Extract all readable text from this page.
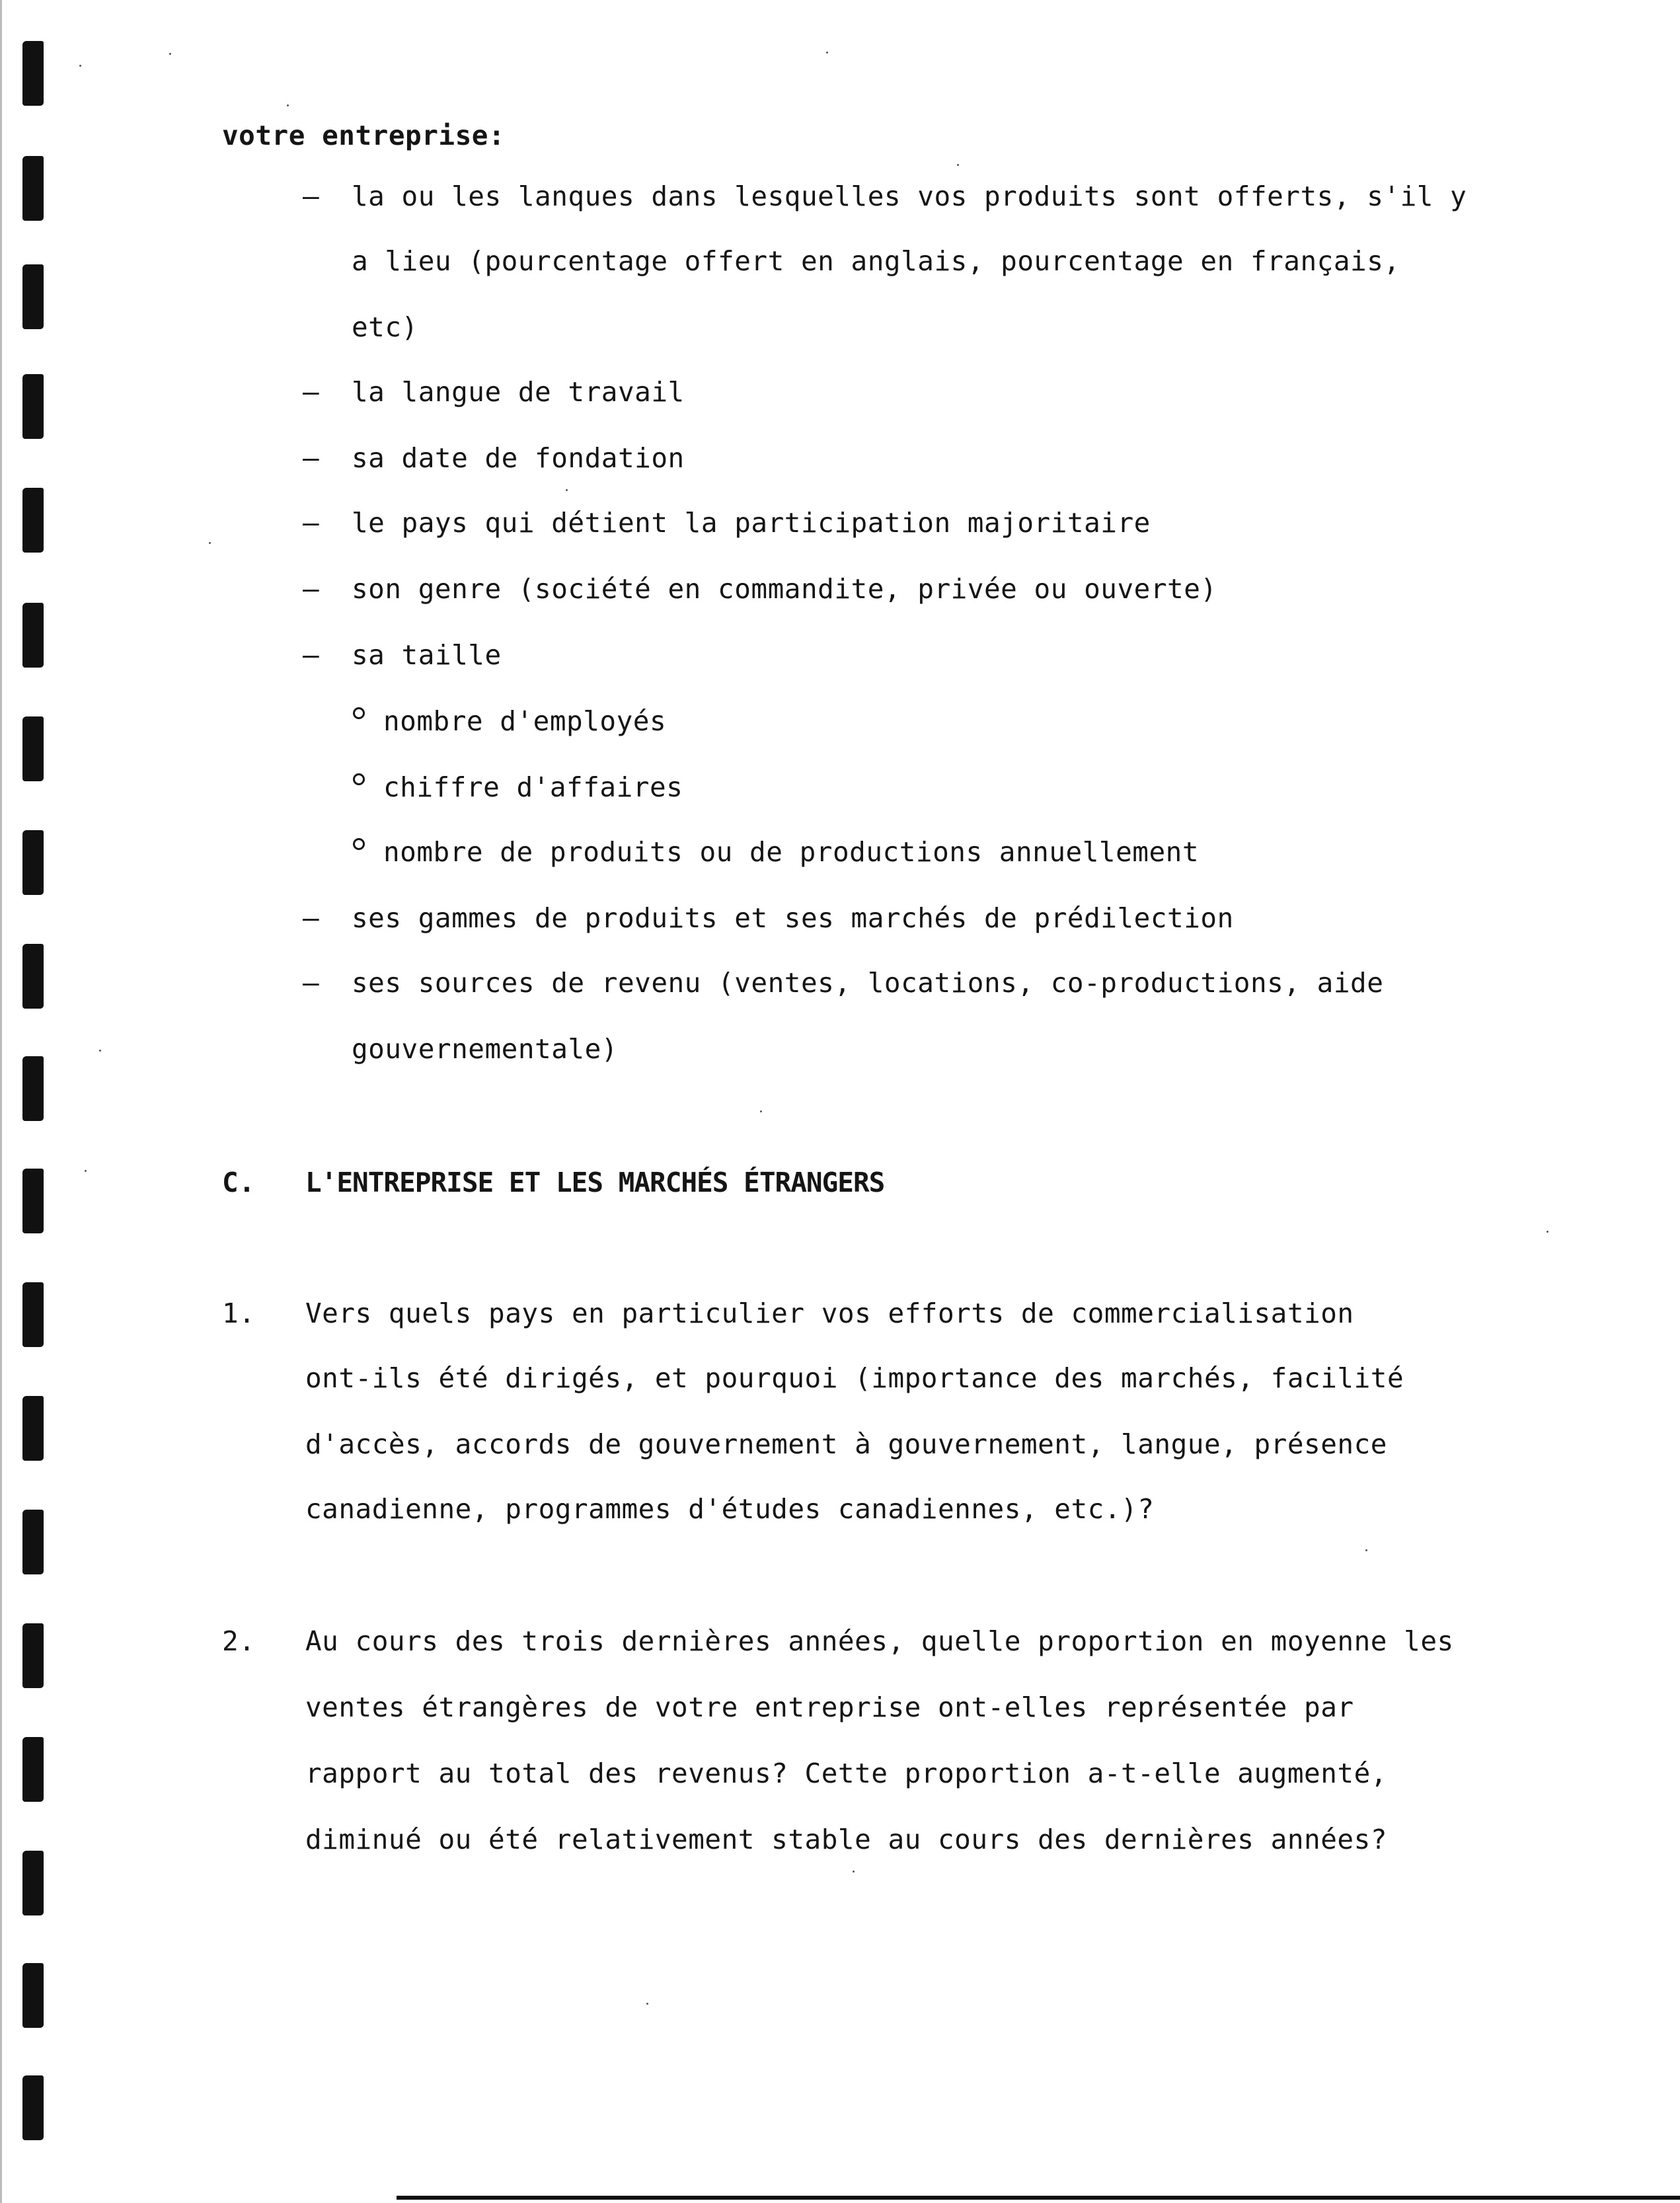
votre entreprise:
– la ou les lanques dans lesquelles vos produits sont offerts, s'il y
a lieu (pourcentage offert en anglais, pourcentage en français,
etc)
– la langue de travail
– sa date de fondation
– le pays qui détient la participation majoritaire
– son genre (société en commandite, privée ou ouverte)
– sa taille
nombre d'employés
chiffre d'affaires
nombre de produits ou de productions annuellement
– ses gammes de produits et ses marchés de prédilection
– ses sources de revenu (ventes, locations, co-productions, aide
gouvernementale)
C. L'ENTREPRISE ET LES MARCHÉS ÉTRANGERS
1. Vers quels pays en particulier vos efforts de commercialisation
ont-ils été dirigés, et pourquoi (importance des marchés, facilité
d'accès, accords de gouvernement à gouvernement, langue, présence
canadienne, programmes d'études canadiennes, etc.)?
2. Au cours des trois dernières années, quelle proportion en moyenne les
ventes étrangères de votre entreprise ont-elles représentée par
rapport au total des revenus? Cette proportion a-t-elle augmenté,
diminué ou été relativement stable au cours des dernières années?
